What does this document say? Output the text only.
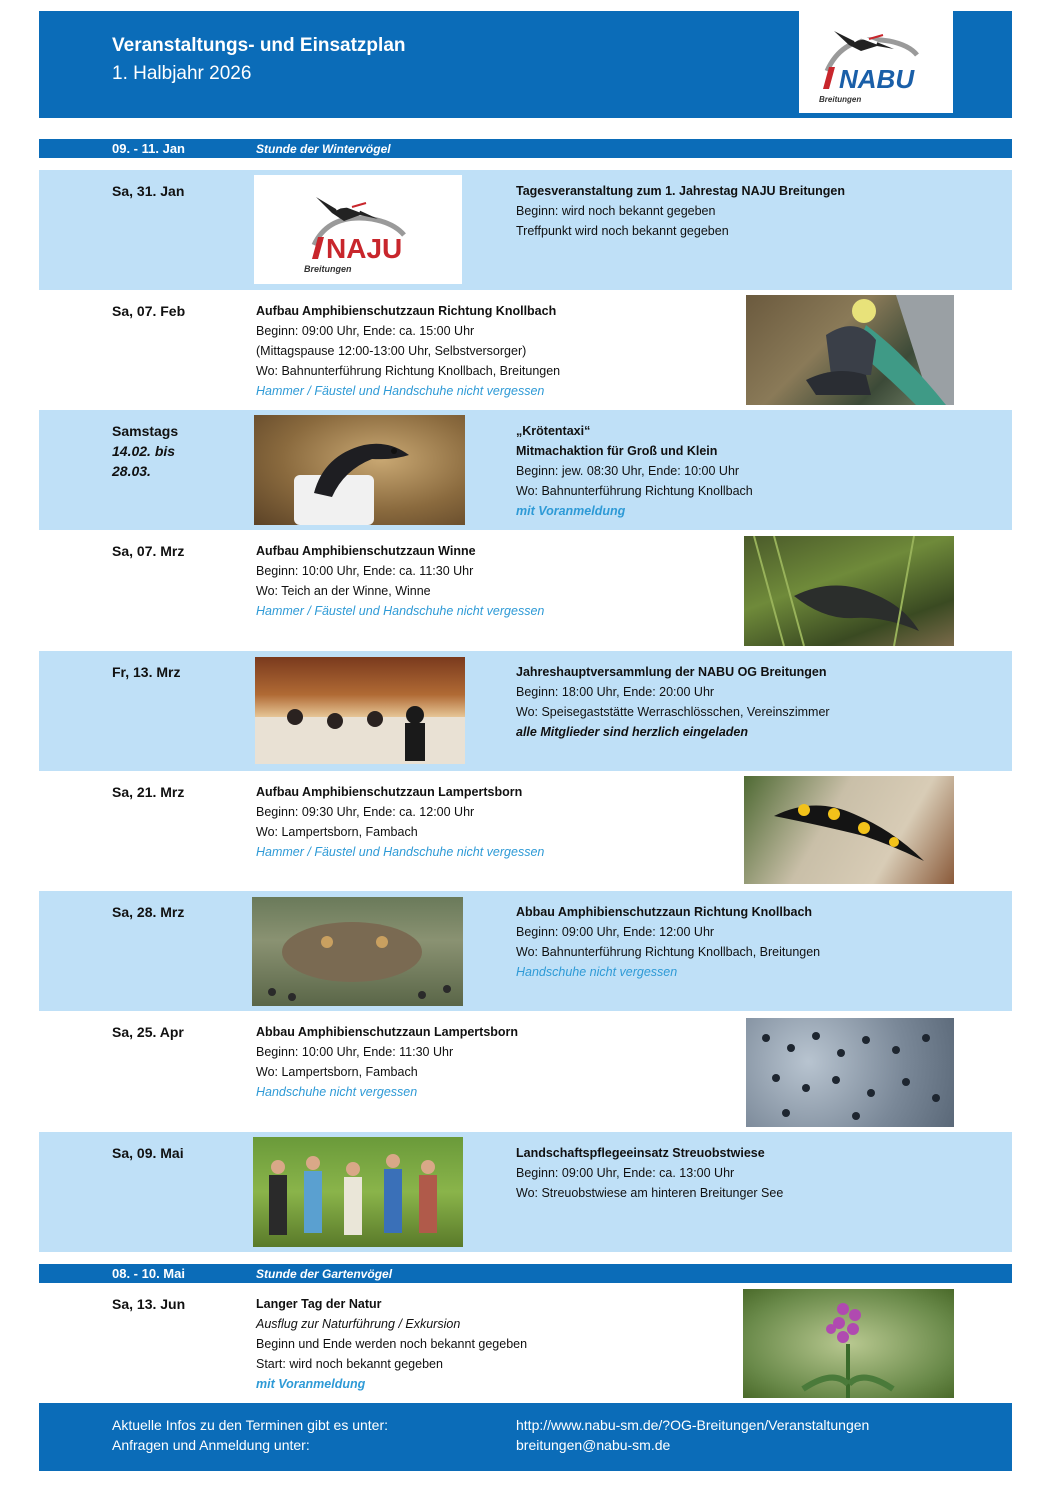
Veranstaltungs- und Einsatzplan
1. Halbjahr 2026	NABU
Breitungen
09. - 11. Jan	Stunde der Wintervögel
Sa, 31. Jan
NAJU
Breitungen
Tagesveranstaltung zum 1. Jahrestag NAJU Breitungen
Beginn: wird noch bekannt gegeben
Treffpunkt wird noch bekannt gegeben
Sa, 07. Feb	Aufbau Amphibienschutzzaun Richtung Knollbach
Beginn: 09:00 Uhr, Ende: ca. 15:00 Uhr
(Mittagspause 12:00-13:00 Uhr, Selbstversorger)
Wo: Bahnunterführung Richtung Knollbach, Breitungen
Hammer / Fäustel und Handschuhe nicht vergessen
Samstags
14.02. bis
28.03.
„Krötentaxi“
Mitmachaktion für Groß und Klein
Beginn: jew. 08:30 Uhr, Ende: 10:00 Uhr
Wo: Bahnunterführung Richtung Knollbach
mit Voranmeldung
Sa, 07. Mrz	Aufbau Amphibienschutzzaun Winne
Beginn: 10:00 Uhr, Ende: ca. 11:30 Uhr
Wo: Teich an der Winne, Winne
Hammer / Fäustel und Handschuhe nicht vergessen
Fr, 13. Mrz	Jahreshauptversammlung der NABU OG Breitungen
Beginn: 18:00 Uhr, Ende: 20:00 Uhr
Wo: Speisegaststätte Werraschlösschen, Vereinszimmer
alle Mitglieder sind herzlich eingeladen
Sa, 21. Mrz	Aufbau Amphibienschutzzaun Lampertsborn
Beginn: 09:30 Uhr, Ende: ca. 12:00 Uhr
Wo: Lampertsborn, Fambach
Hammer / Fäustel und Handschuhe nicht vergessen
Sa, 28. Mrz	Abbau Amphibienschutzzaun Richtung Knollbach
Beginn: 09:00 Uhr, Ende: 12:00 Uhr
Wo: Bahnunterführung Richtung Knollbach, Breitungen
Handschuhe nicht vergessen
Sa, 25. Apr	Abbau Amphibienschutzzaun Lampertsborn
Beginn: 10:00 Uhr, Ende: 11:30 Uhr
Wo: Lampertsborn, Fambach
Handschuhe nicht vergessen
Sa, 09. Mai	Landschaftspflegeeinsatz Streuobstwiese
Beginn: 09:00 Uhr, Ende: ca. 13:00 Uhr
Wo: Streuobstwiese am hinteren Breitunger See
08. - 10. Mai	Stunde der Gartenvögel
Sa, 13. Jun	Langer Tag der Natur
Ausflug zur Naturführung / Exkursion
Beginn und Ende werden noch bekannt gegeben
Start: wird noch bekannt gegeben
mit Voranmeldung
Aktuelle Infos zu den Terminen gibt es unter:
Anfragen und Anmeldung unter:
http://www.nabu-sm.de/?OG-Breitungen/Veranstaltungen
breitungen@nabu-sm.de
